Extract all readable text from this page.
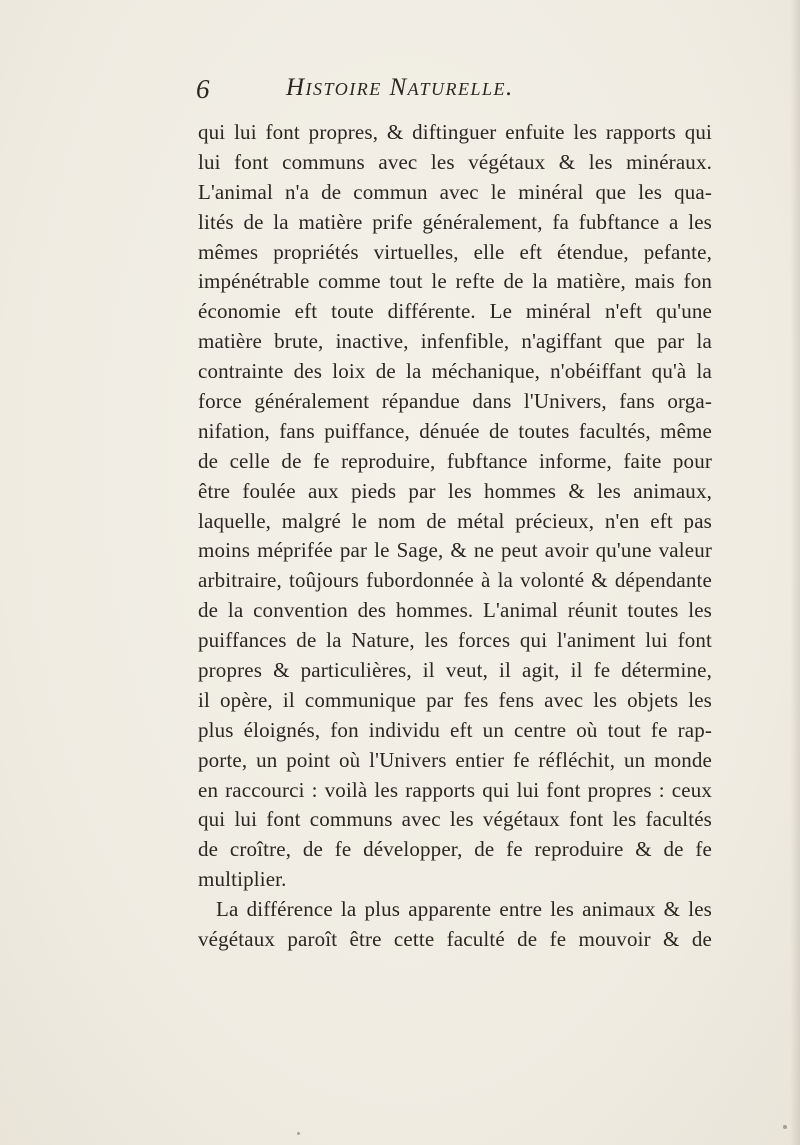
6	Histoire Naturelle.
qui lui font propres, & diftinguer enfuite les rapports qui
lui font communs avec les végétaux & les minéraux.
L'animal n'a de commun avec le minéral que les qua-
lités de la matière prife généralement, fa fubftance a les
mêmes propriétés virtuelles, elle eft étendue, pefante,
impénétrable comme tout le refte de la matière, mais fon
économie eft toute différente. Le minéral n'eft qu'une
matière brute, inactive, infenfible, n'agiffant que par la
contrainte des loix de la méchanique, n'obéiffant qu'à la
force généralement répandue dans l'Univers, fans orga-
nifation, fans puiffance, dénuée de toutes facultés, même
de celle de fe reproduire, fubftance informe, faite pour
être foulée aux pieds par les hommes & les animaux,
laquelle, malgré le nom de métal précieux, n'en eft pas
moins méprifée par le Sage, & ne peut avoir qu'une valeur
arbitraire, toûjours fubordonnée à la volonté & dépendante
de la convention des hommes. L'animal réunit toutes les
puiffances de la Nature, les forces qui l'animent lui font
propres & particulières, il veut, il agit, il fe détermine,
il opère, il communique par fes fens avec les objets les
plus éloignés, fon individu eft un centre où tout fe rap-
porte, un point où l'Univers entier fe réfléchit, un monde
en raccourci : voilà les rapports qui lui font propres : ceux
qui lui font communs avec les végétaux font les facultés
de croître, de fe développer, de fe reproduire & de fe
multiplier.
La différence la plus apparente entre les animaux & les
végétaux paroît être cette faculté de fe mouvoir & de
